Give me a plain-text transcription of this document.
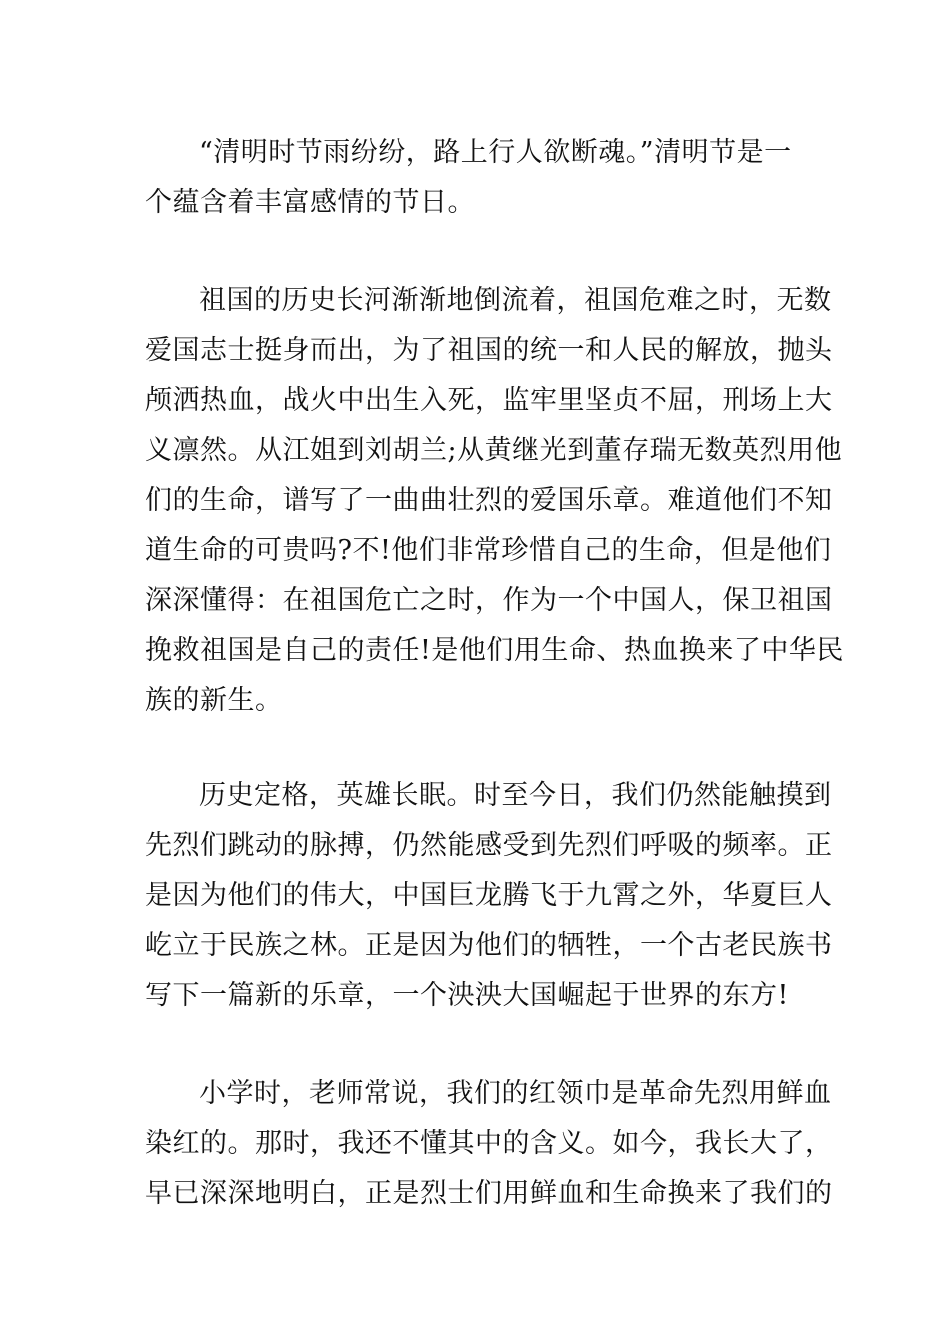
“清明时节雨纷纷，路上行人欲断魂。”清明节是一
个蕴含着丰富感情的节日。
祖国的历史长河渐渐地倒流着，祖国危难之时，无数
爱国志士挺身而出，为了祖国的统一和人民的解放，抛头
颅洒热血，战火中出生入死，监牢里坚贞不屈，刑场上大
义凛然。从江姐到刘胡兰;从黄继光到董存瑞无数英烈用他
们的生命，谱写了一曲曲壮烈的爱国乐章。难道他们不知
道生命的可贵吗?不!他们非常珍惜自己的生命，但是他们
深深懂得：在祖国危亡之时，作为一个中国人，保卫祖国
挽救祖国是自己的责任!是他们用生命、热血换来了中华民
族的新生。
历史定格，英雄长眠。时至今日，我们仍然能触摸到
先烈们跳动的脉搏，仍然能感受到先烈们呼吸的频率。正
是因为他们的伟大，中国巨龙腾飞于九霄之外，华夏巨人
屹立于民族之林。正是因为他们的牺牲，一个古老民族书
写下一篇新的乐章，一个泱泱大国崛起于世界的东方!
小学时，老师常说，我们的红领巾是革命先烈用鲜血
染红的。那时，我还不懂其中的含义。如今，我长大了，
早已深深地明白，正是烈士们用鲜血和生命换来了我们的
